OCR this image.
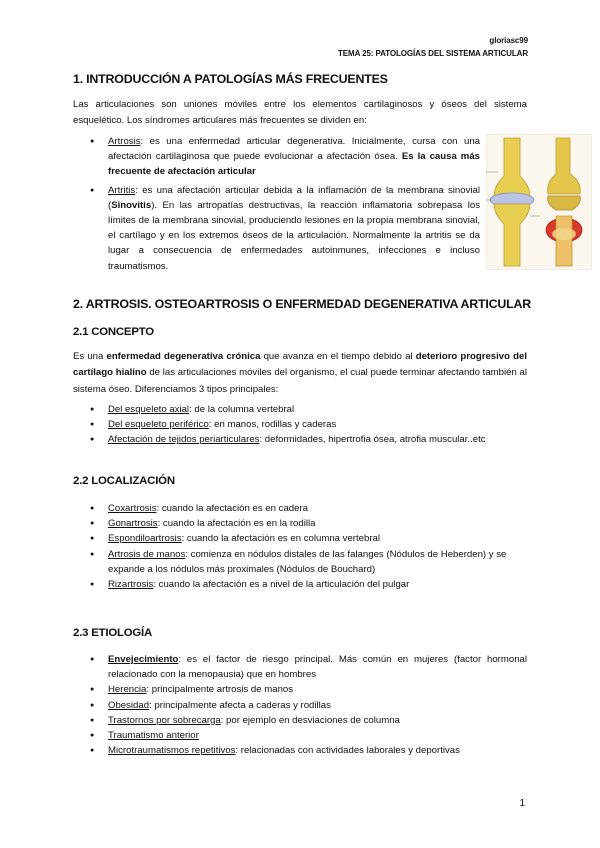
gloriasc99
TEMA 25: PATOLOGÍAS DEL SISTEMA ARTICULAR
1. INTRODUCCIÓN A PATOLOGÍAS MÁS FRECUENTES
Las articulaciones son uniones móviles entre los elementos cartilaginosos y óseos del sistema esquelético. Los síndromes articulares más frecuentes se dividen en:
● Artrosis: es una enfermedad articular degenerativa. Inicialmente, cursa con una afectación cartilaginosa que puede evolucionar a afectación ósea. Es la causa más frecuente de afectación articular
● Artritis: es una afectación articular debida a la inflamación de la membrana sinovial (Sinovitis). En las artropatías destructivas, la reacción inflamatoria sobrepasa los límites de la membrana sinovial, produciendo lesiones en la propia membrana sinovial, el cartílago y en los extremos óseos de la articulación. Normalmente la artritis se da lugar a consecuencia de enfermedades autoinmunes, infecciones e incluso traumatismos.
2. ARTROSIS. OSTEOARTROSIS O ENFERMEDAD DEGENERATIVA ARTICULAR
2.1 CONCEPTO
Es una enfermedad degenerativa crónica que avanza en el tiempo debido al deterioro progresivo del cartílago hialino de las articulaciones móviles del organismo, el cual puede terminar afectando también al sistema óseo. Diferenciamos 3 tipos principales:
● Del esqueleto axial: de la columna vertebral
● Del esqueleto periférico: en manos, rodillas y caderas
● Afectación de tejidos periarticulares: deformidades, hipertrofia ósea, atrofia muscular..etc
2.2 LOCALIZACIÓN
● Coxartrosis: cuando la afectación es en cadera
● Gonartrosis: cuando la afectación es en la rodilla
● Espondiloartrosis: cuando la afectación es en columna vertebral
● Artrosis de manos: comienza en nódulos distales de las falanges (Nódulos de Heberden) y se expande a los nódulos más proximales (Nódulos de Bouchard)
● Rizartrosis: cuando la afectación es a nivel de la articulación del pulgar
2.3 ETIOLOGÍA
● Envejecimiento: es el factor de riesgo principal. Más común en mujeres (factor hormonal relacionado con la menopausia) que en hombres
● Herencia: principalmente artrosis de manos
● Obesidad: principalmente afecta a caderas y rodillas
● Trastornos por sobrecarga: por ejemplo en desviaciones de columna
● Traumatismo anterior
● Microtraumatismos repetitivos: relacionadas con actividades laborales y deportivas
1
